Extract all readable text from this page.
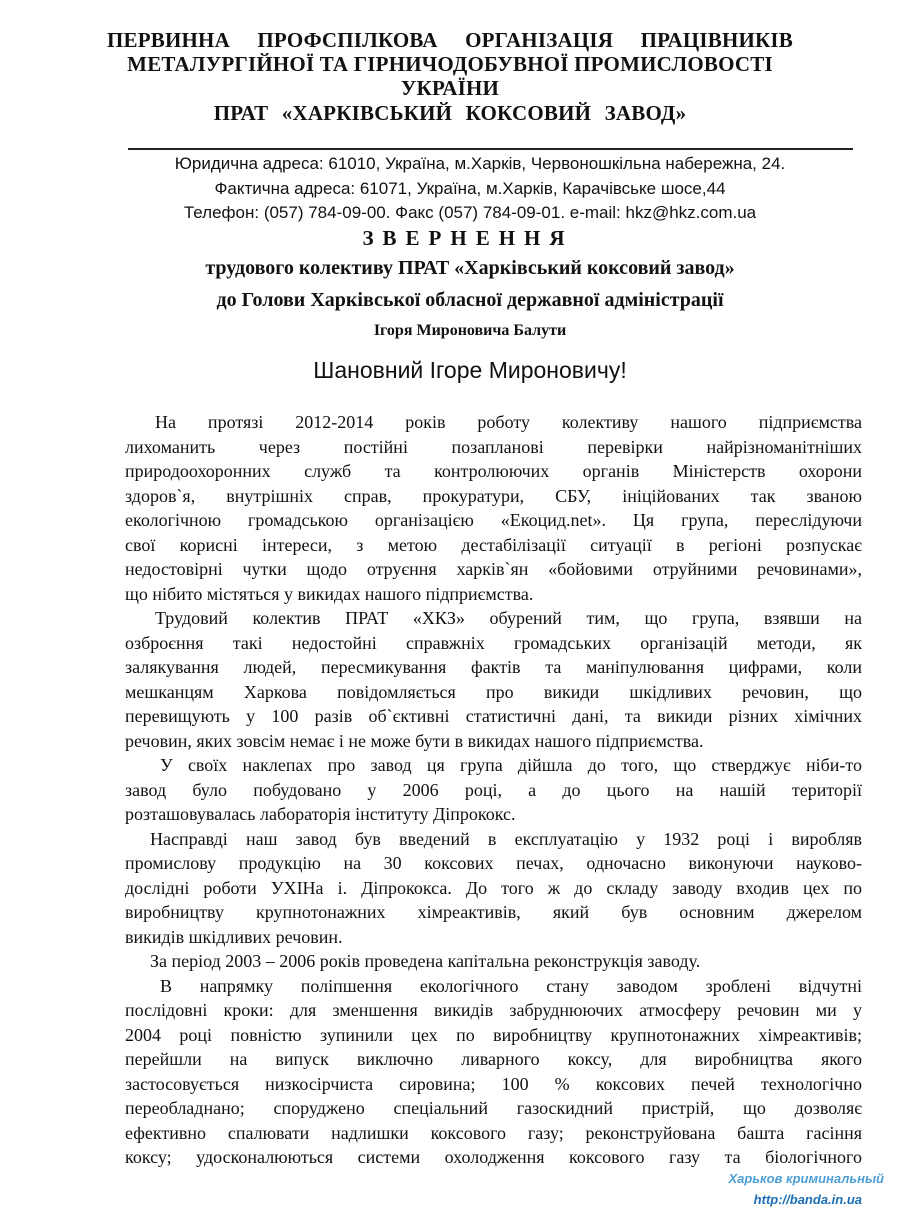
ПЕРВИННА ПРОФСПІЛКОВА ОРГАНІЗАЦІЯ ПРАЦІВНИКІВ
МЕТАЛУРГІЙНОЇ ТА ГІРНИЧОДОБУВНОЇ ПРОМИСЛОВОСТІ
УКРАЇНИ
ПРАТ «ХАРКІВСЬКИЙ КОКСОВИЙ ЗАВОД»
Юридична адреса: 61010, Україна, м.Харків, Червоношкільна набережна, 24.
Фактична адреса: 61071, Україна, м.Харків, Карачівське шосе,44
Телефон: (057) 784-09-00. Факс (057) 784-09-01. e-mail: hkz@hkz.com.ua
ЗВЕРНЕННЯ
трудового колективу ПРАТ «Харківський коксовий завод»
до Голови Харківської обласної державної адміністрації
Ігоря Мироновича Балути
Шановний Ігоре Мироновичу!
На протязі 2012-2014 років роботу колективу нашого підприємства
лихоманить через постійні позапланові перевірки найрізноманітніших
природоохоронних служб та контролюючих органів Міністерств охорони
здоров`я, внутрішніх справ, прокуратури, СБУ, ініційованих так званою
екологічною громадською організацією «Екоцид.net». Ця група, переслідуючи
свої корисні інтереси, з метою дестабілізації ситуації в регіоні розпускає
недостовірні чутки щодо отруєння харків`ян «бойовими отруйними речовинами»,
що нібито містяться у викидах нашого підприємства.
Трудовий колектив ПРАТ «ХКЗ» обурений тим, що група, взявши на
озброєння такі недостойні справжніх громадських організацій методи, як
залякування людей, пересмикування фактів та маніпулювання цифрами, коли
мешканцям Харкова повідомляється про викиди шкідливих речовин, що
перевищують у 100 разів об`єктивні статистичні дані, та викиди різних хімічних
речовин, яких зовсім немає і не може бути в викидах нашого підприємства.
У своїх наклепах про завод ця група дійшла до того, що стверджує ніби-то
завод було побудовано у 2006 році, а до цього на нашій території
розташовувалась лабораторія інституту Діпрококс.
Насправді наш завод був введений в експлуатацію у 1932 році і виробляв
промислову продукцію на 30 коксових печах, одночасно виконуючи науково-
дослідні роботи УХІНа і. Діпрококса. До того ж до складу заводу входив цех по
виробництву крупнотонажних хімреактивів, який був основним джерелом
викидів шкідливих речовин.
За період 2003 – 2006 років проведена капітальна реконструкція заводу.
В напрямку поліпшення екологічного стану заводом зроблені відчутні
послідовні кроки: для зменшення викидів забруднюючих атмосферу речовин ми у
2004 році повністю зупинили цех по виробництву крупнотонажних хімреактивів;
перейшли на випуск виключно ливарного коксу, для виробництва якого
застосовується низкосірчиста сировина; 100 % коксових печей технологічно
переобладнано; споруджено спеціальний газоскидний пристрій, що дозволяє
ефективно спалювати надлишки коксового газу; реконструйована башта гасіння
коксу; удосконалюються системи охолодження коксового газу та біологічного
Харьков криминальный
http://banda.in.ua
